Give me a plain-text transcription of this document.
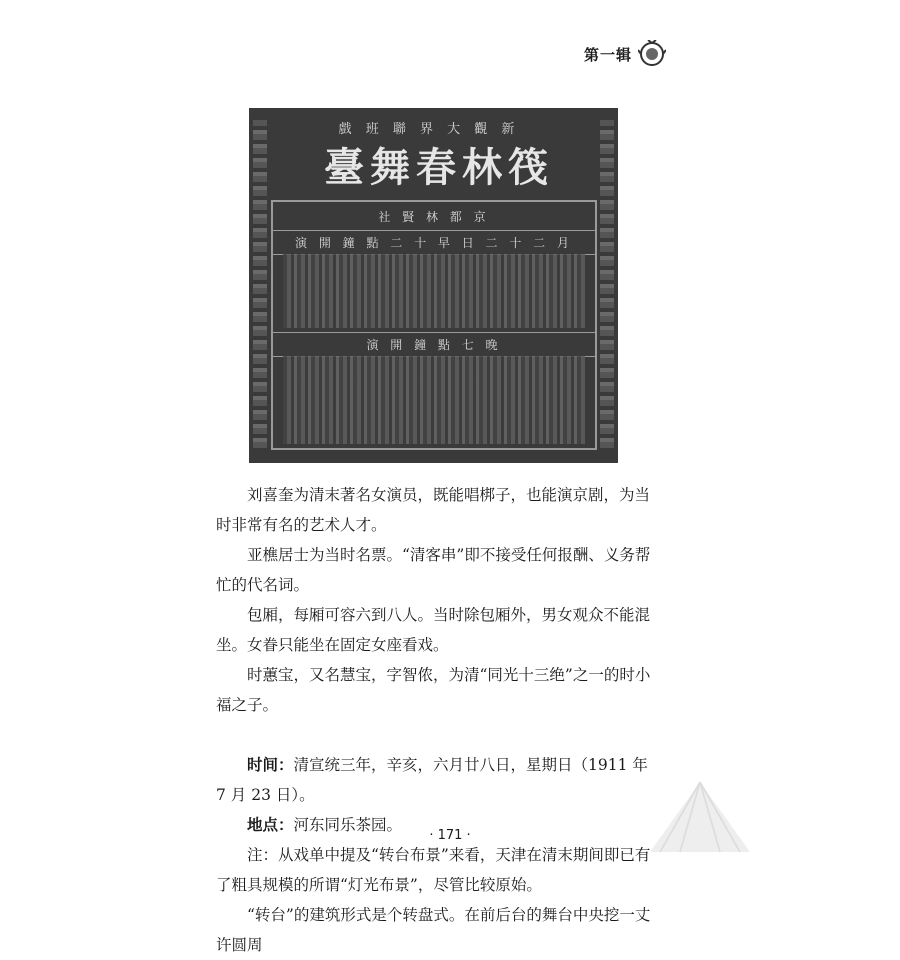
第一辑
戲 班 聯 界 大 觀 新
臺舞春林筏
社 賢 林 都 京
演 開 鐘 點 二 十 早 日 二 十 二 月
演 開 鐘 點 七 晚

刘喜奎为清末著名女演员，既能唱梆子，也能演京剧，为当时非常有名的艺术人才。

亚樵居士为当时名票。“清客串”即不接受任何报酬、义务帮忙的代名词。

包厢，每厢可容六到八人。当时除包厢外，男女观众不能混坐。女眷只能坐在固定女座看戏。

时蕙宝，又名慧宝，字智侬，为清“同光十三绝”之一的时小福之子。

时间：清宣统三年，辛亥，六月廿八日，星期日（1911 年 7 月 23 日）。

地点：河东同乐茶园。

注：从戏单中提及“转台布景”来看，天津在清末期间即已有了粗具规模的所谓“灯光布景”，尽管比较原始。

“转台”的建筑形式是个转盘式。在前后台的舞台中央挖一丈许圆周

· 171 ·
